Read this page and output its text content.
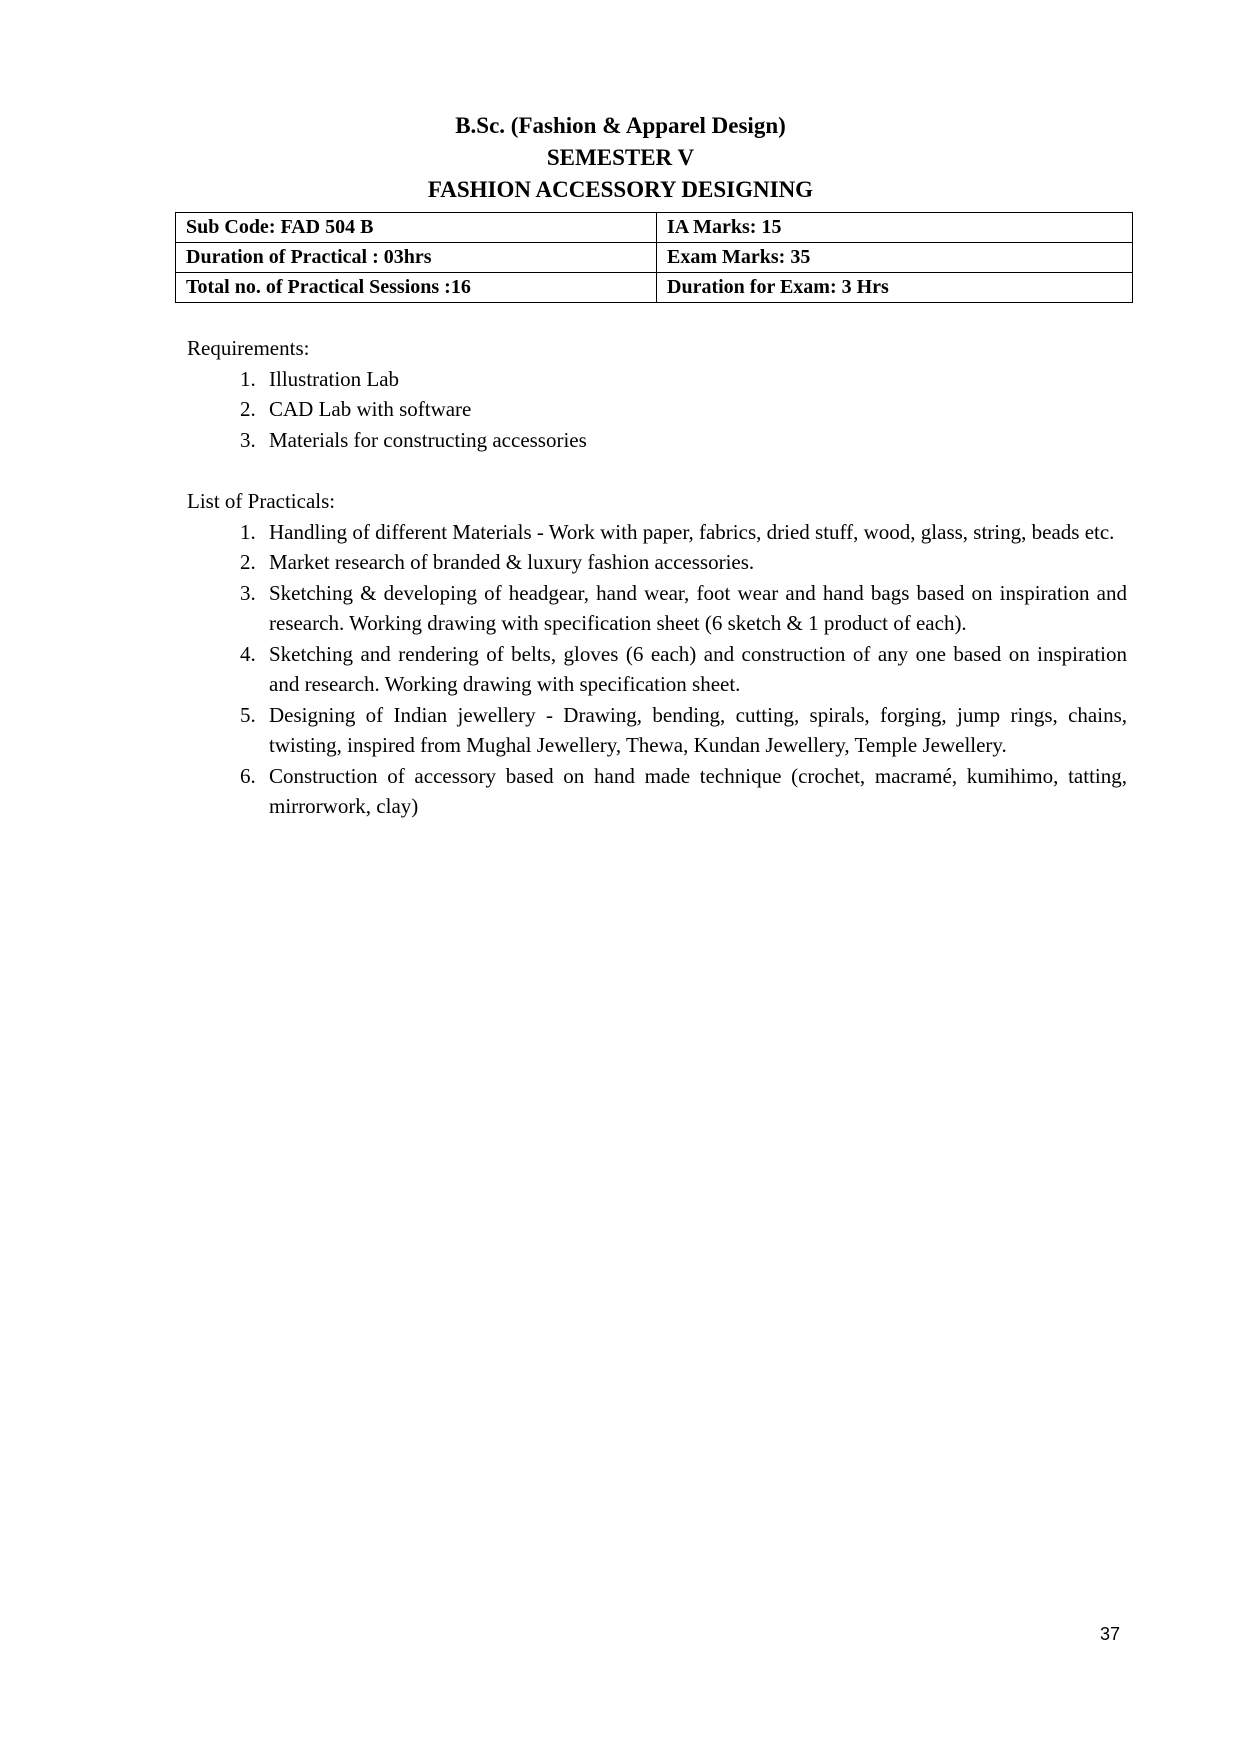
B.Sc. (Fashion & Apparel Design)
SEMESTER V
FASHION ACCESSORY DESIGNING
Sub Code: FAD 504 B	IA Marks: 15
Duration of Practical : 03hrs	Exam Marks: 35
Total no. of Practical Sessions :16	Duration for Exam: 3 Hrs

Requirements:

1. Illustration Lab
2. CAD Lab with software
3. Materials for constructing accessories

List of Practicals:

1. Handling of different Materials - Work with paper, fabrics, dried stuff, wood, glass, string, beads etc.
2. Market research of branded & luxury fashion accessories.
3. Sketching & developing of headgear, hand wear, foot wear and hand bags based on inspiration and research. Working drawing with specification sheet (6 sketch & 1 product of each).
4. Sketching and rendering of belts, gloves (6 each) and construction of any one based on inspiration and research. Working drawing with specification sheet.
5. Designing of Indian jewellery - Drawing, bending, cutting, spirals, forging, jump rings, chains, twisting, inspired from Mughal Jewellery, Thewa, Kundan Jewellery, Temple Jewellery.
6. Construction of accessory based on hand made technique (crochet, macramé, kumihimo, tatting, mirrorwork, clay)
37
